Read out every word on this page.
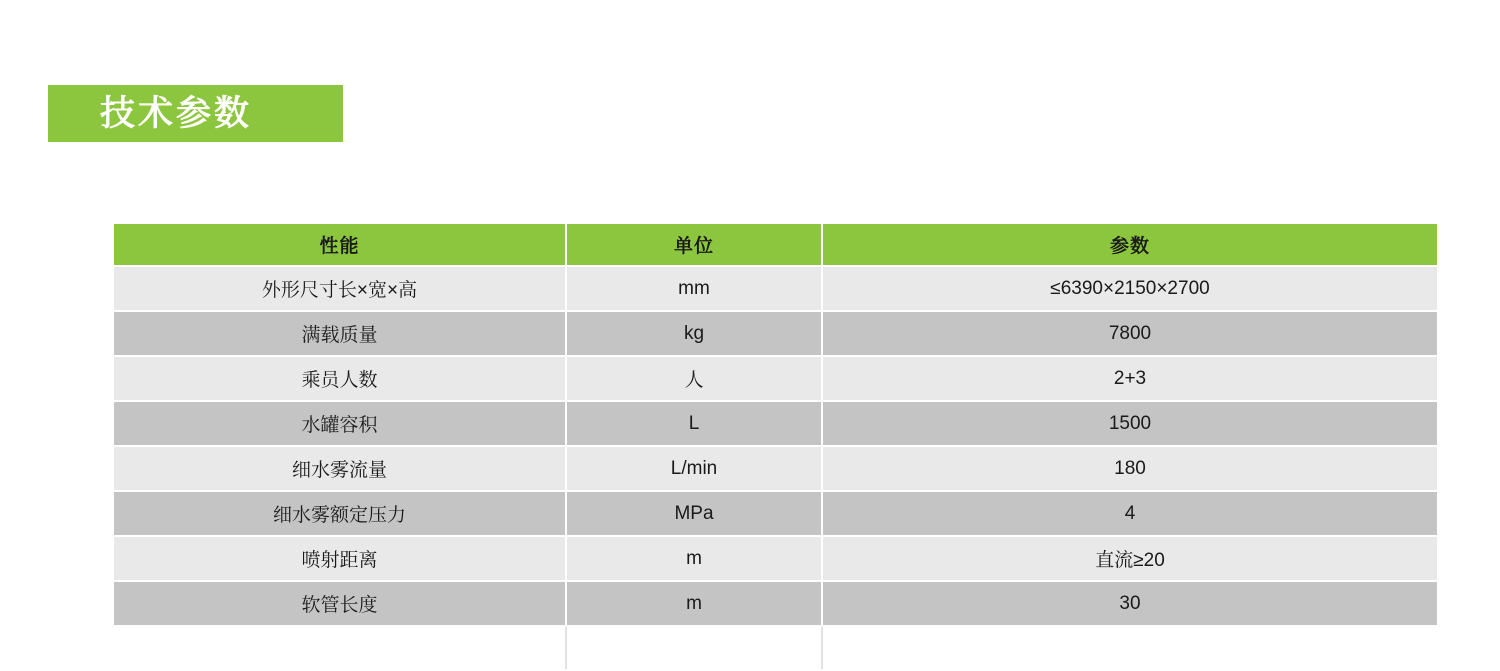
技术参数
性能	单位	参数
外形尺寸长×宽×高	mm	≤6390×2150×2700
满载质量	kg	7800
乘员人数	人	2+3
水罐容积	L	1500
细水雾流量	L/min	180
细水雾额定压力	MPa	4
喷射距离	m	直流≥20
软管长度	m	30
